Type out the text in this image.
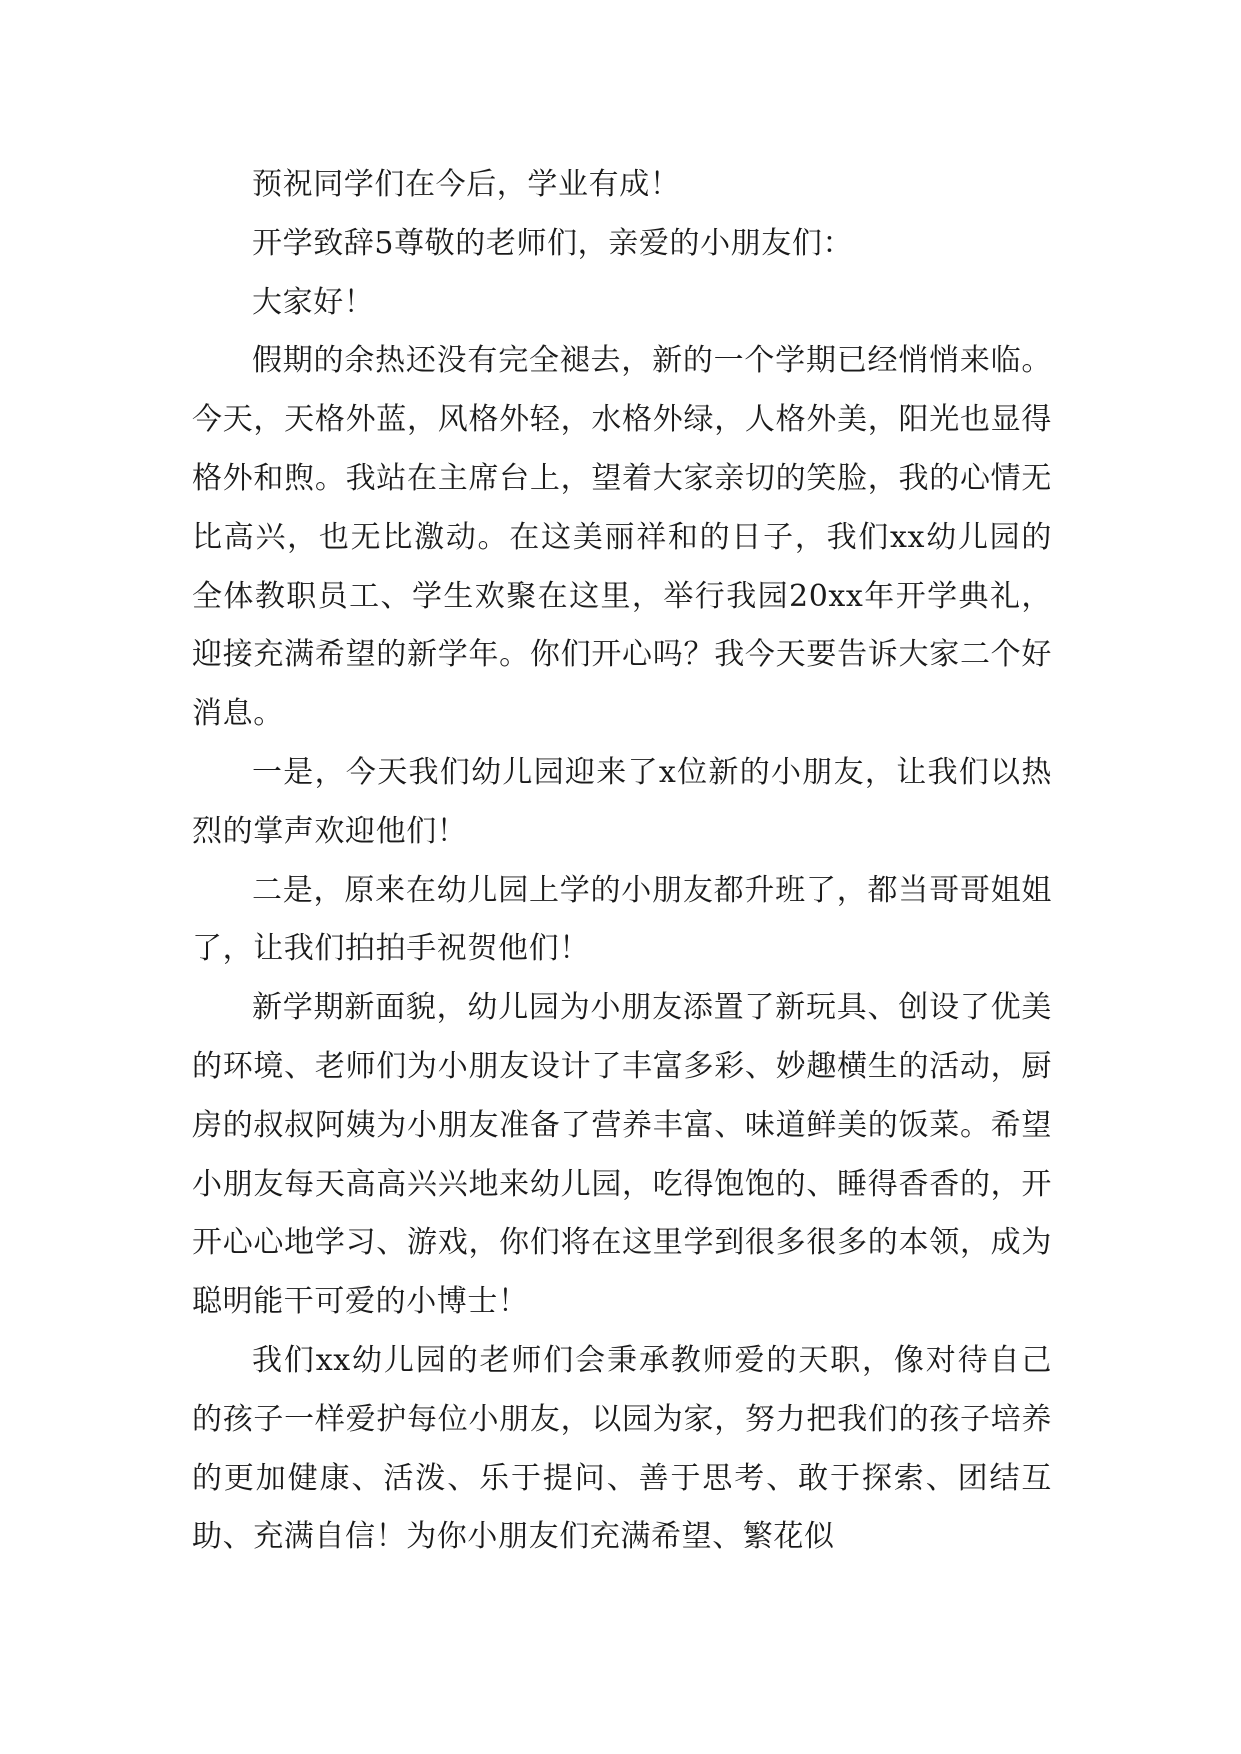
预祝同学们在今后，学业有成！

开学致辞5尊敬的老师们，亲爱的小朋友们：

大家好！

假期的余热还没有完全褪去，新的一个学期已经悄悄来临。今天，天格外蓝，风格外轻，水格外绿，人格外美，阳光也显得格外和煦。我站在主席台上，望着大家亲切的笑脸，我的心情无比高兴，也无比激动。在这美丽祥和的日子，我们xx幼儿园的全体教职员工、学生欢聚在这里，举行我园20xx年开学典礼，迎接充满希望的新学年。你们开心吗？我今天要告诉大家二个好消息。

一是，今天我们幼儿园迎来了x位新的小朋友，让我们以热烈的掌声欢迎他们！

二是，原来在幼儿园上学的小朋友都升班了，都当哥哥姐姐了，让我们拍拍手祝贺他们！

新学期新面貌，幼儿园为小朋友添置了新玩具、创设了优美的环境、老师们为小朋友设计了丰富多彩、妙趣横生的活动，厨房的叔叔阿姨为小朋友准备了营养丰富、味道鲜美的饭菜。希望小朋友每天高高兴兴地来幼儿园，吃得饱饱的、睡得香香的，开开心心地学习、游戏，你们将在这里学到很多很多的本领，成为聪明能干可爱的小博士！

我们xx幼儿园的老师们会秉承教师爱的天职，像对待自己的孩子一样爱护每位小朋友，以园为家，努力把我们的孩子培养的更加健康、活泼、乐于提问、善于思考、敢于探索、团结互助、充满自信！为你小朋友们充满希望、繁花似
